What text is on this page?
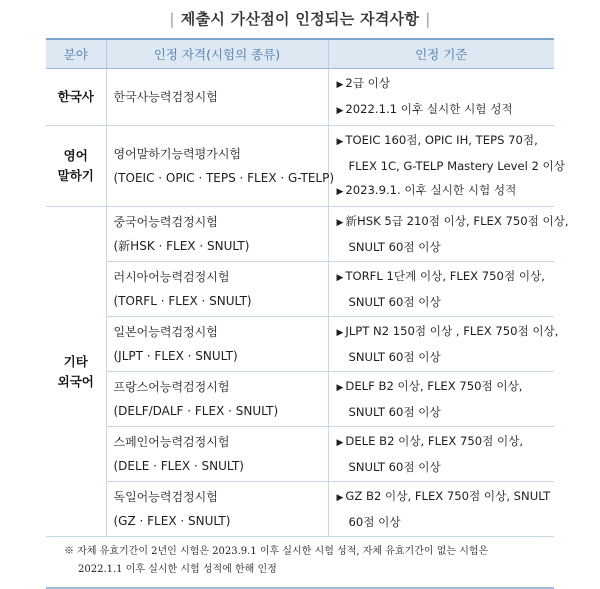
| 제출시 가산점이 인정되는 자격사항 |
분야	인정 자격(시험의 종류)	인정 기준

한국사	한국사능력검정시험	▶ 2급 이상
▶ 2022.1.1 이후 실시한 시험 성적

영어
말하기	영어말하기능력평가시험
(TOEIC · OPIC · TEPS · FLEX · G-TELP)	▶ TOEIC 160점, OPIC IH, TEPS 70점,
FLEX 1C, G-TELP Mastery Level 2 이상
▶ 2023.9.1. 이후 실시한 시험 성적

기타
외국어	중국어능력검정시험
(新HSK · FLEX · SNULT)	▶ 新HSK 5급 210점 이상, FLEX 750점 이상,
SNULT 60점 이상

	러시아어능력검정시험
(TORFL · FLEX · SNULT)	▶ TORFL 1단계 이상, FLEX 750점 이상,
SNULT 60점 이상

	일본어능력검정시험
(JLPT · FLEX · SNULT)	▶ JLPT N2 150점 이상 , FLEX 750점 이상,
SNULT 60점 이상

	프랑스어능력검정시험
(DELF/DALF · FLEX · SNULT)	▶ DELF B2 이상, FLEX 750점 이상,
SNULT 60점 이상

	스페인어능력검정시험
(DELE · FLEX · SNULT)	▶ DELE B2 이상, FLEX 750점 이상,
SNULT 60점 이상

	독일어능력검정시험
(GZ · FLEX · SNULT)	▶ GZ B2 이상, FLEX 750점 이상, SNULT
60점 이상

※ 자체 유효기간이 2년인 시험은 2023.9.1 이후 실시한 시험 성적, 자체 유효기간이 없는 시험은
2022.1.1 이후 실시한 시험 성적에 한해 인정		
